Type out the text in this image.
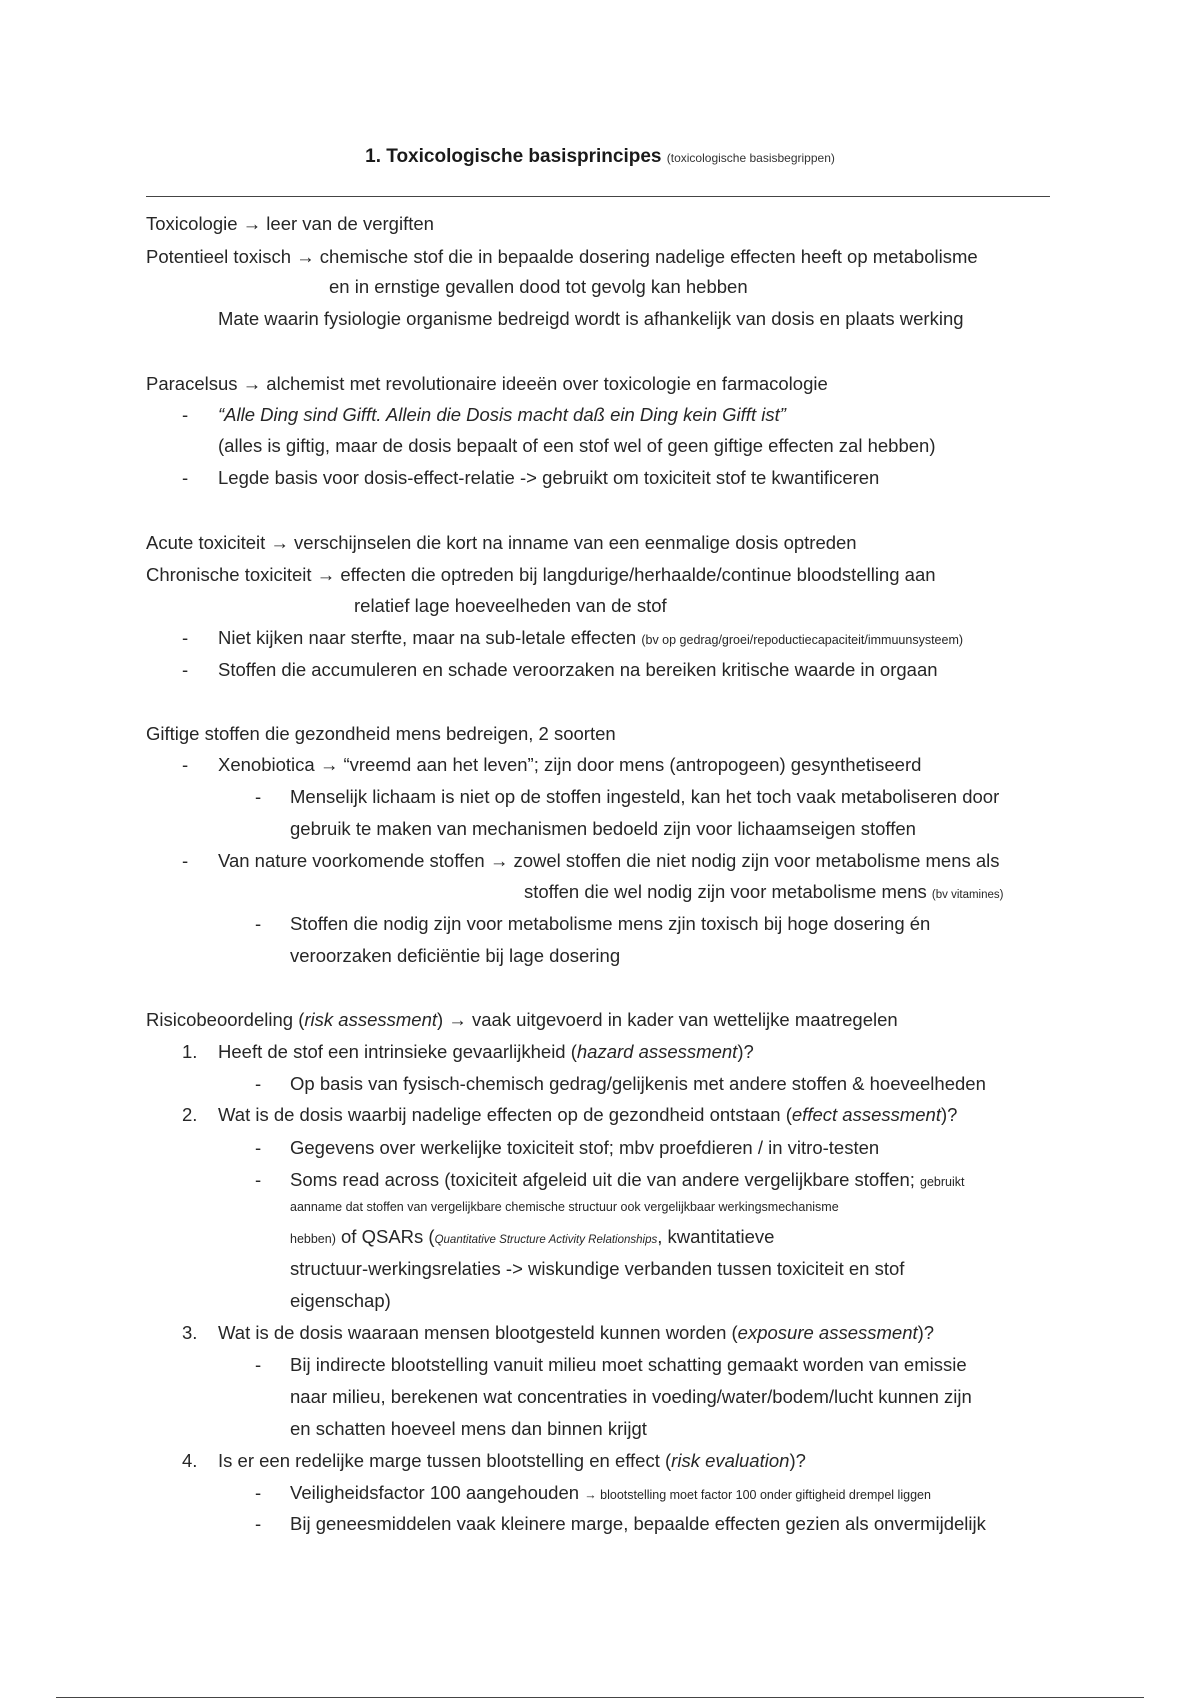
1. Toxicologische basisprincipes (toxicologische basisbegrippen)
Toxicologie → leer van de vergiften
Potentieel toxisch → chemische stof die in bepaalde dosering nadelige effecten heeft op metabolisme
en in ernstige gevallen dood tot gevolg kan hebben
Mate waarin fysiologie organisme bedreigd wordt is afhankelijk van dosis en plaats werking
Paracelsus → alchemist met revolutionaire ideeën over toxicologie en farmacologie
- “Alle Ding sind Gifft. Allein die Dosis macht daß ein Ding kein Gifft ist”
(alles is giftig, maar de dosis bepaalt of een stof wel of geen giftige effecten zal hebben)
- Legde basis voor dosis-effect-relatie -> gebruikt om toxiciteit stof te kwantificeren
Acute toxiciteit → verschijnselen die kort na inname van een eenmalige dosis optreden
Chronische toxiciteit → effecten die optreden bij langdurige/herhaalde/continue bloodstelling aan
relatief lage hoeveelheden van de stof
- Niet kijken naar sterfte, maar na sub-letale effecten (bv op gedrag/groei/repoductiecapaciteit/immuunsysteem)
- Stoffen die accumuleren en schade veroorzaken na bereiken kritische waarde in orgaan
Giftige stoffen die gezondheid mens bedreigen, 2 soorten
- Xenobiotica → “vreemd aan het leven”; zijn door mens (antropogeen) gesynthetiseerd
- Menselijk lichaam is niet op de stoffen ingesteld, kan het toch vaak metaboliseren door
gebruik te maken van mechanismen bedoeld zijn voor lichaamseigen stoffen
- Van nature voorkomende stoffen → zowel stoffen die niet nodig zijn voor metabolisme mens als
stoffen die wel nodig zijn voor metabolisme mens (bv vitamines)
- Stoffen die nodig zijn voor metabolisme mens zjin toxisch bij hoge dosering én
veroorzaken deficiëntie bij lage dosering
Risicobeoordeling (risk assessment) → vaak uitgevoerd in kader van wettelijke maatregelen
1. Heeft de stof een intrinsieke gevaarlijkheid (hazard assessment)?
- Op basis van fysisch-chemisch gedrag/gelijkenis met andere stoffen & hoeveelheden
2. Wat is de dosis waarbij nadelige effecten op de gezondheid ontstaan (effect assessment)?
- Gegevens over werkelijke toxiciteit stof; mbv proefdieren / in vitro-testen
- Soms read across (toxiciteit afgeleid uit die van andere vergelijkbare stoffen; gebruikt
aanname dat stoffen van vergelijkbare chemische structuur ook vergelijkbaar werkingsmechanisme
hebben) of QSARs (Quantitative Structure Activity Relationships, kwantitatieve
structuur-werkingsrelaties -> wiskundige verbanden tussen toxiciteit en stof
eigenschap)
3. Wat is de dosis waaraan mensen blootgesteld kunnen worden (exposure assessment)?
- Bij indirecte blootstelling vanuit milieu moet schatting gemaakt worden van emissie
naar milieu, berekenen wat concentraties in voeding/water/bodem/lucht kunnen zijn
en schatten hoeveel mens dan binnen krijgt
4. Is er een redelijke marge tussen blootstelling en effect (risk evaluation)?
- Veiligheidsfactor 100 aangehouden → blootstelling moet factor 100 onder giftigheid drempel liggen
- Bij geneesmiddelen vaak kleinere marge, bepaalde effecten gezien als onvermijdelijk
